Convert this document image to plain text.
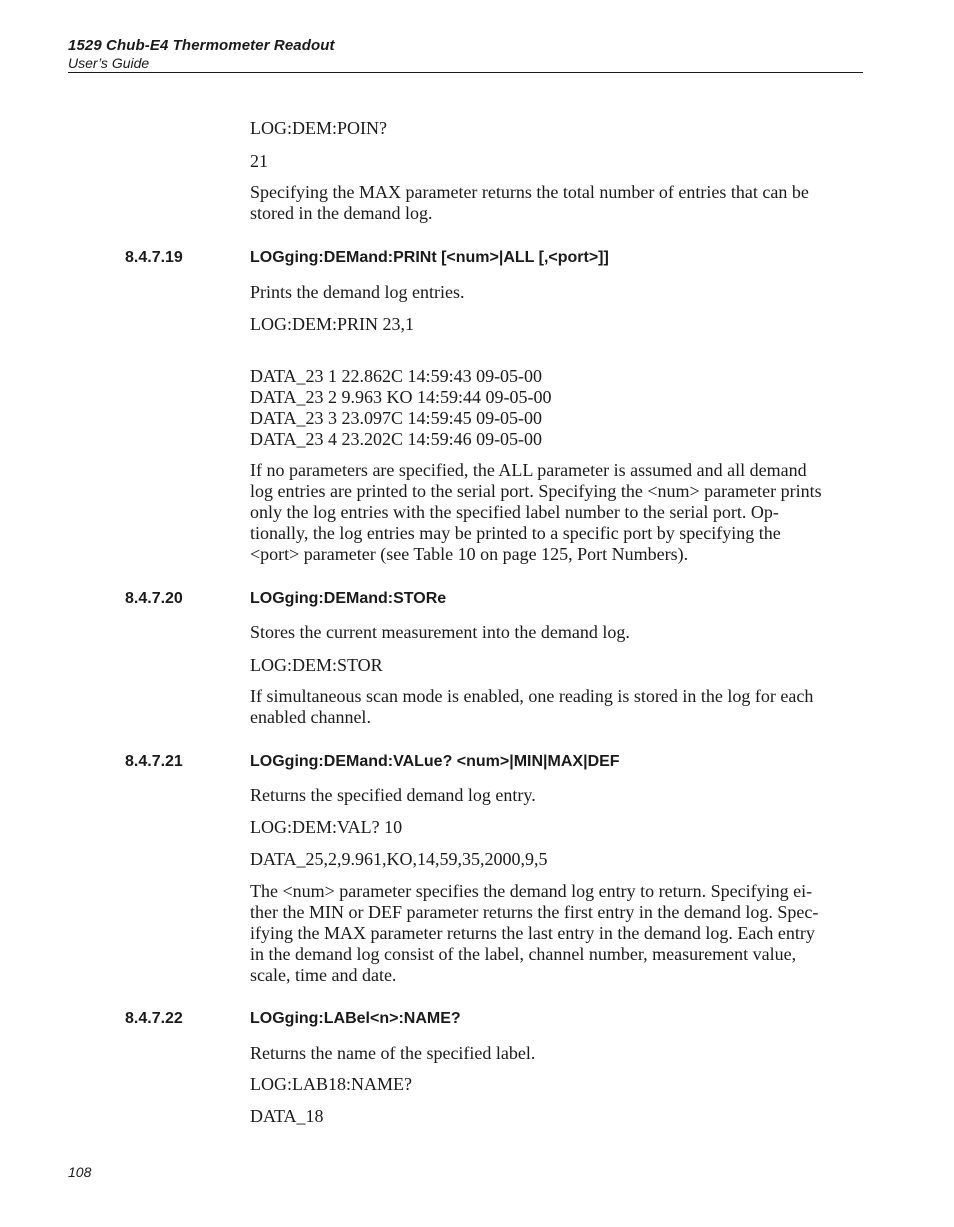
1529 Chub-E4 Thermometer Readout
User’s Guide
LOG:DEM:POIN?
21
Specifying the MAX parameter returns the total number of entries that can be
stored in the demand log.
8.4.7.19	LOGging:DEMand:PRINt [<num>|ALL [,<port>]]
Prints the demand log entries.
LOG:DEM:PRIN 23,1
DATA_23 1 22.862C 14:59:43 09-05-00
DATA_23 2 9.963 KO 14:59:44 09-05-00
DATA_23 3 23.097C 14:59:45 09-05-00
DATA_23 4 23.202C 14:59:46 09-05-00
If no parameters are specified, the ALL parameter is assumed and all demand
log entries are printed to the serial port. Specifying the <num> parameter prints
only the log entries with the specified label number to the serial port. Op-
tionally, the log entries may be printed to a specific port by specifying the
<port> parameter (see Table 10 on page 125, Port Numbers).
8.4.7.20	LOGging:DEMand:STORe
Stores the current measurement into the demand log.
LOG:DEM:STOR
If simultaneous scan mode is enabled, one reading is stored in the log for each
enabled channel.
8.4.7.21	LOGging:DEMand:VALue? <num>|MIN|MAX|DEF
Returns the specified demand log entry.
LOG:DEM:VAL? 10
DATA_25,2,9.961,KO,14,59,35,2000,9,5
The <num> parameter specifies the demand log entry to return. Specifying ei-
ther the MIN or DEF parameter returns the first entry in the demand log. Spec-
ifying the MAX parameter returns the last entry in the demand log. Each entry
in the demand log consist of the label, channel number, measurement value,
scale, time and date.
8.4.7.22	LOGging:LABel<n>:NAME?
Returns the name of the specified label.
LOG:LAB18:NAME?
DATA_18
108
